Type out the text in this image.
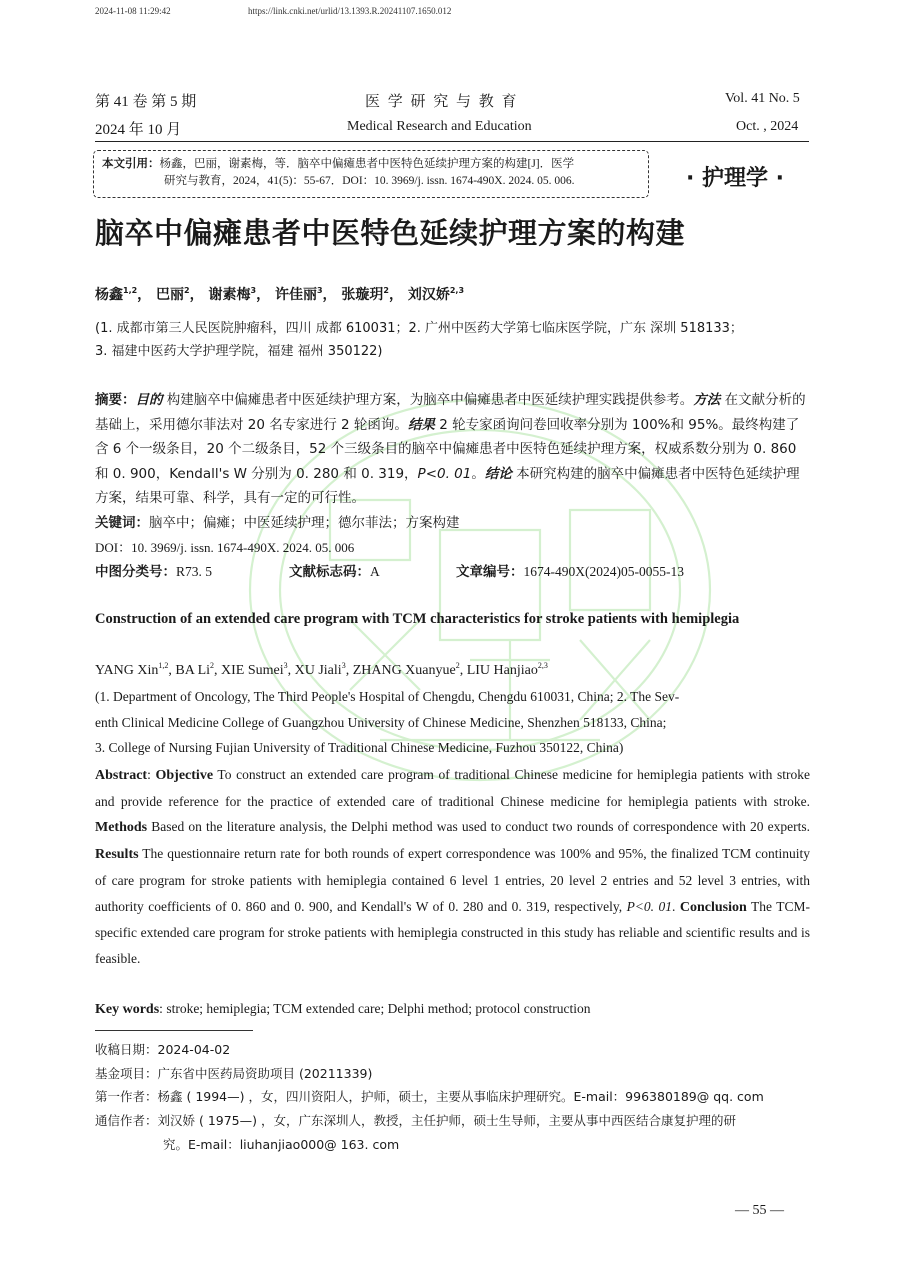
2024-11-08 11:29:42	https://link.cnki.net/urlid/13.1393.R.20241107.1650.012
第 41 卷 第 5 期	医 学 研 究 与 教 育	Vol. 41 No. 5
2024 年 10 月	Medical Research and Education	Oct. , 2024
本文引用：杨鑫，巴丽，谢素梅，等．脑卒中偏瘫患者中医特色延续护理方案的构建[J]．医学
研究与教育，2024，41(5)：55-67．DOI：10. 3969/j. issn. 1674-490X. 2024. 05. 006.	· 护理学 ·
脑卒中偏瘫患者中医特色延续护理方案的构建
杨鑫$^{1,2}$， 巴丽$^2$， 谢素梅$^3$， 许佳丽$^3$， 张璇玥$^2$， 刘汉娇$^{2,3}$
(1. 成都市第三人民医院肿瘤科，四川 成都 610031；2. 广州中医药大学第七临床医学院，广东 深圳 518133；
3. 福建中医药大学护理学院，福建 福州 350122)
摘要：目的 构建脑卒中偏瘫患者中医延续护理方案，为脑卒中偏瘫患者中医延续护理实践提供参考。方法 在文献分析的基础上，采用德尔菲法对 20 名专家进行 2 轮函询。结果 2 轮专家函询问卷回收率分别为 100%和 95%。最终构建了含 6 个一级条目，20 个二级条目，52 个三级条目的脑卒中偏瘫患者中医特色延续护理方案，权威系数分别为 0. 860 和 0. 900，Kendall's W 分别为 0. 280 和 0. 319，P<0. 01。结论 本研究构建的脑卒中偏瘫患者中医特色延续护理方案，结果可靠、科学，具有一定的可行性。
关键词：脑卒中；偏瘫；中医延续护理；德尔菲法；方案构建
DOI：10. 3969/j. issn. 1674-490X. 2024. 05. 006
中图分类号：R73. 5	文献标志码：A	文章编号：1674-490X(2024)05-0055-13
Construction of an extended care program with TCM characteristics for stroke patients with hemiplegia
YANG Xin$^{1,2}$, BA Li$^2$, XIE Sumei$^3$, XU Jiali$^3$, ZHANG Xuanyue$^2$, LIU Hanjiao$^{2,3}$
(1. Department of Oncology, The Third People's Hospital of Chengdu, Chengdu 610031, China; 2. The Sev-
enth Clinical Medicine College of Guangzhou University of Chinese Medicine, Shenzhen 518133, China;
3. College of Nursing Fujian University of Traditional Chinese Medicine, Fuzhou 350122, China)
Abstract: Objective To construct an extended care program of traditional Chinese medicine for hemiplegia patients with stroke and provide reference for the practice of extended care of traditional Chinese medicine for hemiplegia patients with stroke. Methods Based on the literature analysis, the Delphi method was used to conduct two rounds of correspondence with 20 experts. Results The questionnaire return rate for both rounds of expert correspondence was 100% and 95%, the finalized TCM continuity of care program for stroke patients with hemiplegia contained 6 level 1 entries, 20 level 2 entries and 52 level 3 entries, with authority coefficients of 0. 860 and 0. 900, and Kendall's W of 0. 280 and 0. 319, respectively, P<0. 01. Conclusion The TCM- specific extended care program for stroke patients with hemiplegia constructed in this study has reliable and scientific results and is feasible.
Key words: stroke; hemiplegia; TCM extended care; Delphi method; protocol construction
收稿日期：2024-04-02
基金项目：广东省中医药局资助项目 (20211339)
第一作者：杨鑫 ( 1994—) ，女，四川资阳人，护师，硕士，主要从事临床护理研究。E-mail：996380189@ qq. com
通信作者：刘汉娇 ( 1975—) ，女，广东深圳人，教授，主任护师，硕士生导师，主要从事中西医结合康复护理的研
究。E-mail：liuhanjiao000@ 163. com
— 55 —
